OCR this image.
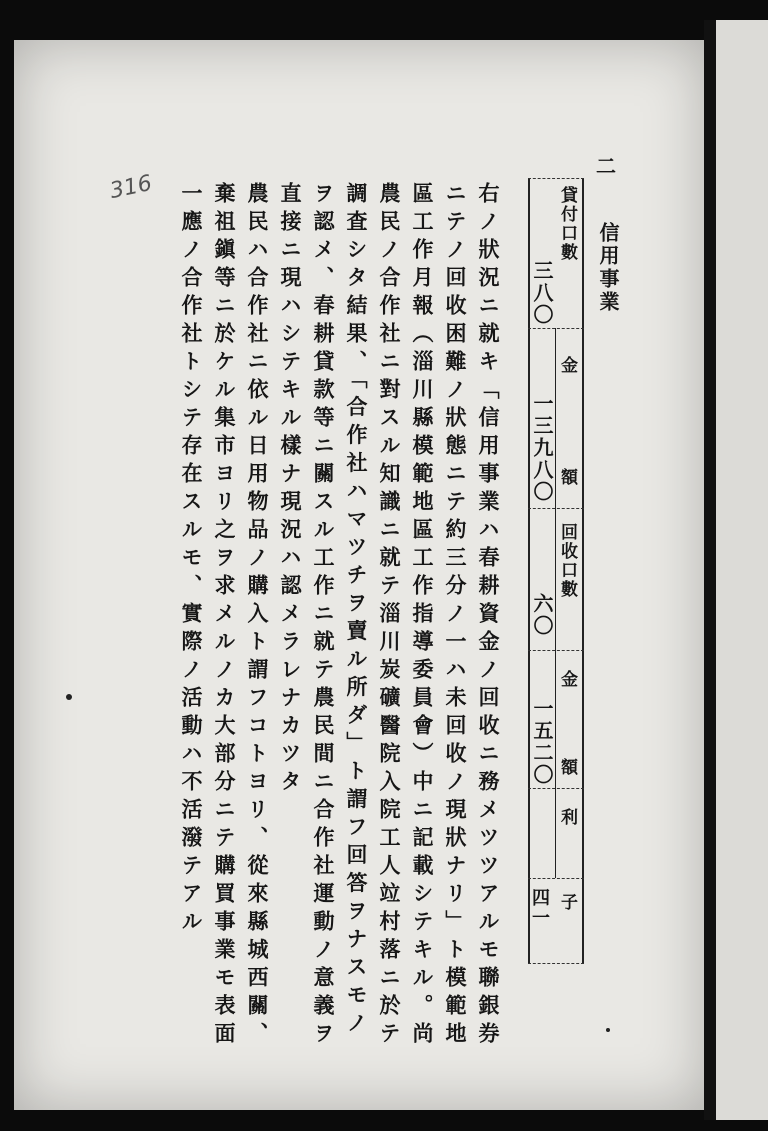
二
信用事業
316	貸付口數
三八〇
金
一三九八〇 額
回收口數
六〇
金
一五二〇 額
利
子
四一
右ノ狀況ニ就キ「信用事業ハ春耕資金ノ回收ニ務メツツアルモ聯銀券
ニテノ回收困難ノ狀態ニテ約三分ノ一ハ未回收ノ現狀ナリ」ト模範地
區工作月報（淄川縣模範地區工作指導委員會）中ニ記載シテキル。尚
農民ノ合作社ニ對スル知識ニ就テ淄川炭礦醫院入院工人竝村落ニ於テ
調査シタ結果、「合作社ハマツチヲ賣ル所ダ」ト謂フ回答ヲナスモノ
ヲ認メ、春耕貸款等ニ關スル工作ニ就テ農民間ニ合作社運動ノ意義ヲ
直接ニ現ハシテキル樣ナ現況ハ認メラレナカツタ
農民ハ合作社ニ依ル日用物品ノ購入ト謂フコトヨリ、從來縣城西關、
棄祖鎭等ニ於ケル集市ヨリ之ヲ求メルノカ大部分ニテ購買事業モ表面
一應ノ合作社トシテ存在スルモ、實際ノ活動ハ不活潑テアル
